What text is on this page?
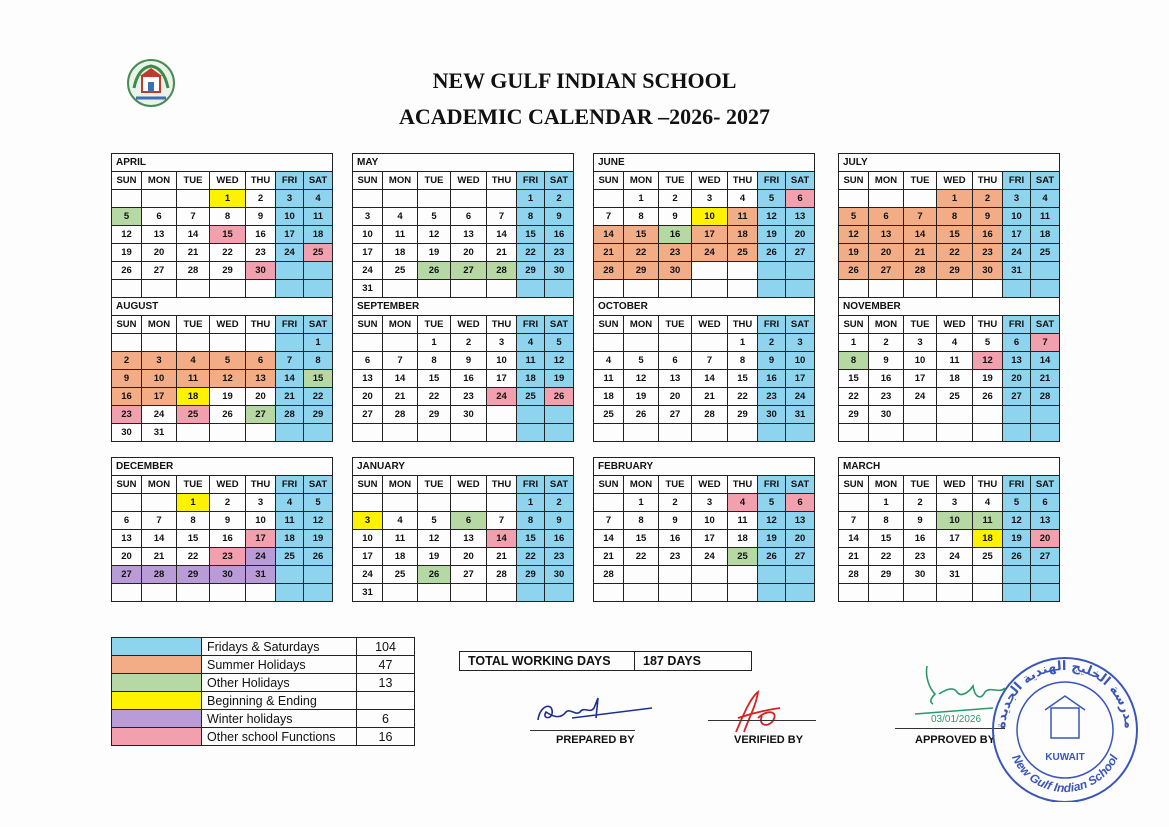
NEW GULF INDIAN SCHOOL
ACADEMIC CALENDAR –2026- 2027
APRIL						
SUN	MON	TUE	WED	THU	FRI	SAT
			1	2	3	4
5	6	7	8	9	10	11
12	13	14	15	16	17	18
19	20	21	22	23	24	25
26	27	28	29	30		

MAY						
SUN	MON	TUE	WED	THU	FRI	SAT
					1	2
3	4	5	6	7	8	9
10	11	12	13	14	15	16
17	18	19	20	21	22	23
24	25	26	27	28	29	30
31						
JUNE						
SUN	MON	TUE	WED	THU	FRI	SAT
	1	2	3	4	5	6
7	8	9	10	11	12	13
14	15	16	17	18	19	20
21	22	23	24	25	26	27
28	29	30				

JULY						
SUN	MON	TUE	WED	THU	FRI	SAT
			1	2	3	4
5	6	7	8	9	10	11
12	13	14	15	16	17	18
19	20	21	22	23	24	25
26	27	28	29	30	31	

AUGUST						
SUN	MON	TUE	WED	THU	FRI	SAT
						1
2	3	4	5	6	7	8
9	10	11	12	13	14	15
16	17	18	19	20	21	22
23	24	25	26	27	28	29
30	31					
SEPTEMBER						
SUN	MON	TUE	WED	THU	FRI	SAT
		1	2	3	4	5
6	7	8	9	10	11	12
13	14	15	16	17	18	19
20	21	22	23	24	25	26
27	28	29	30			

OCTOBER						
SUN	MON	TUE	WED	THU	FRI	SAT
				1	2	3
4	5	6	7	8	9	10
11	12	13	14	15	16	17
18	19	20	21	22	23	24
25	26	27	28	29	30	31

NOVEMBER						
SUN	MON	TUE	WED	THU	FRI	SAT
1	2	3	4	5	6	7
8	9	10	11	12	13	14
15	16	17	18	19	20	21
22	23	24	25	26	27	28
29	30					

DECEMBER						
SUN	MON	TUE	WED	THU	FRI	SAT
		1	2	3	4	5
6	7	8	9	10	11	12
13	14	15	16	17	18	19
20	21	22	23	24	25	26
27	28	29	30	31		

JANUARY						
SUN	MON	TUE	WED	THU	FRI	SAT
					1	2
3	4	5	6	7	8	9
10	11	12	13	14	15	16
17	18	19	20	21	22	23
24	25	26	27	28	29	30
31						
FEBRUARY						
SUN	MON	TUE	WED	THU	FRI	SAT
	1	2	3	4	5	6
7	8	9	10	11	12	13
14	15	16	17	18	19	20
21	22	23	24	25	26	27
28						

MARCH						
SUN	MON	TUE	WED	THU	FRI	SAT
	1	2	3	4	5	6
7	8	9	10	11	12	13
14	15	16	17	18	19	20
21	22	23	24	25	26	27
28	29	30	31			

	Fridays & Saturdays	104
	Summer Holidays	47
	Other Holidays	13
	Beginning & Ending	
	Winter holidays	6
	Other school Functions	16
TOTAL WORKING DAYS	187 DAYS
PREPARED BY	VERIFIED BY
03/01/2026
APPROVED BY
مدرسة الخليج الهندية الجديدة
New Gulf Indian School
KUWAIT
